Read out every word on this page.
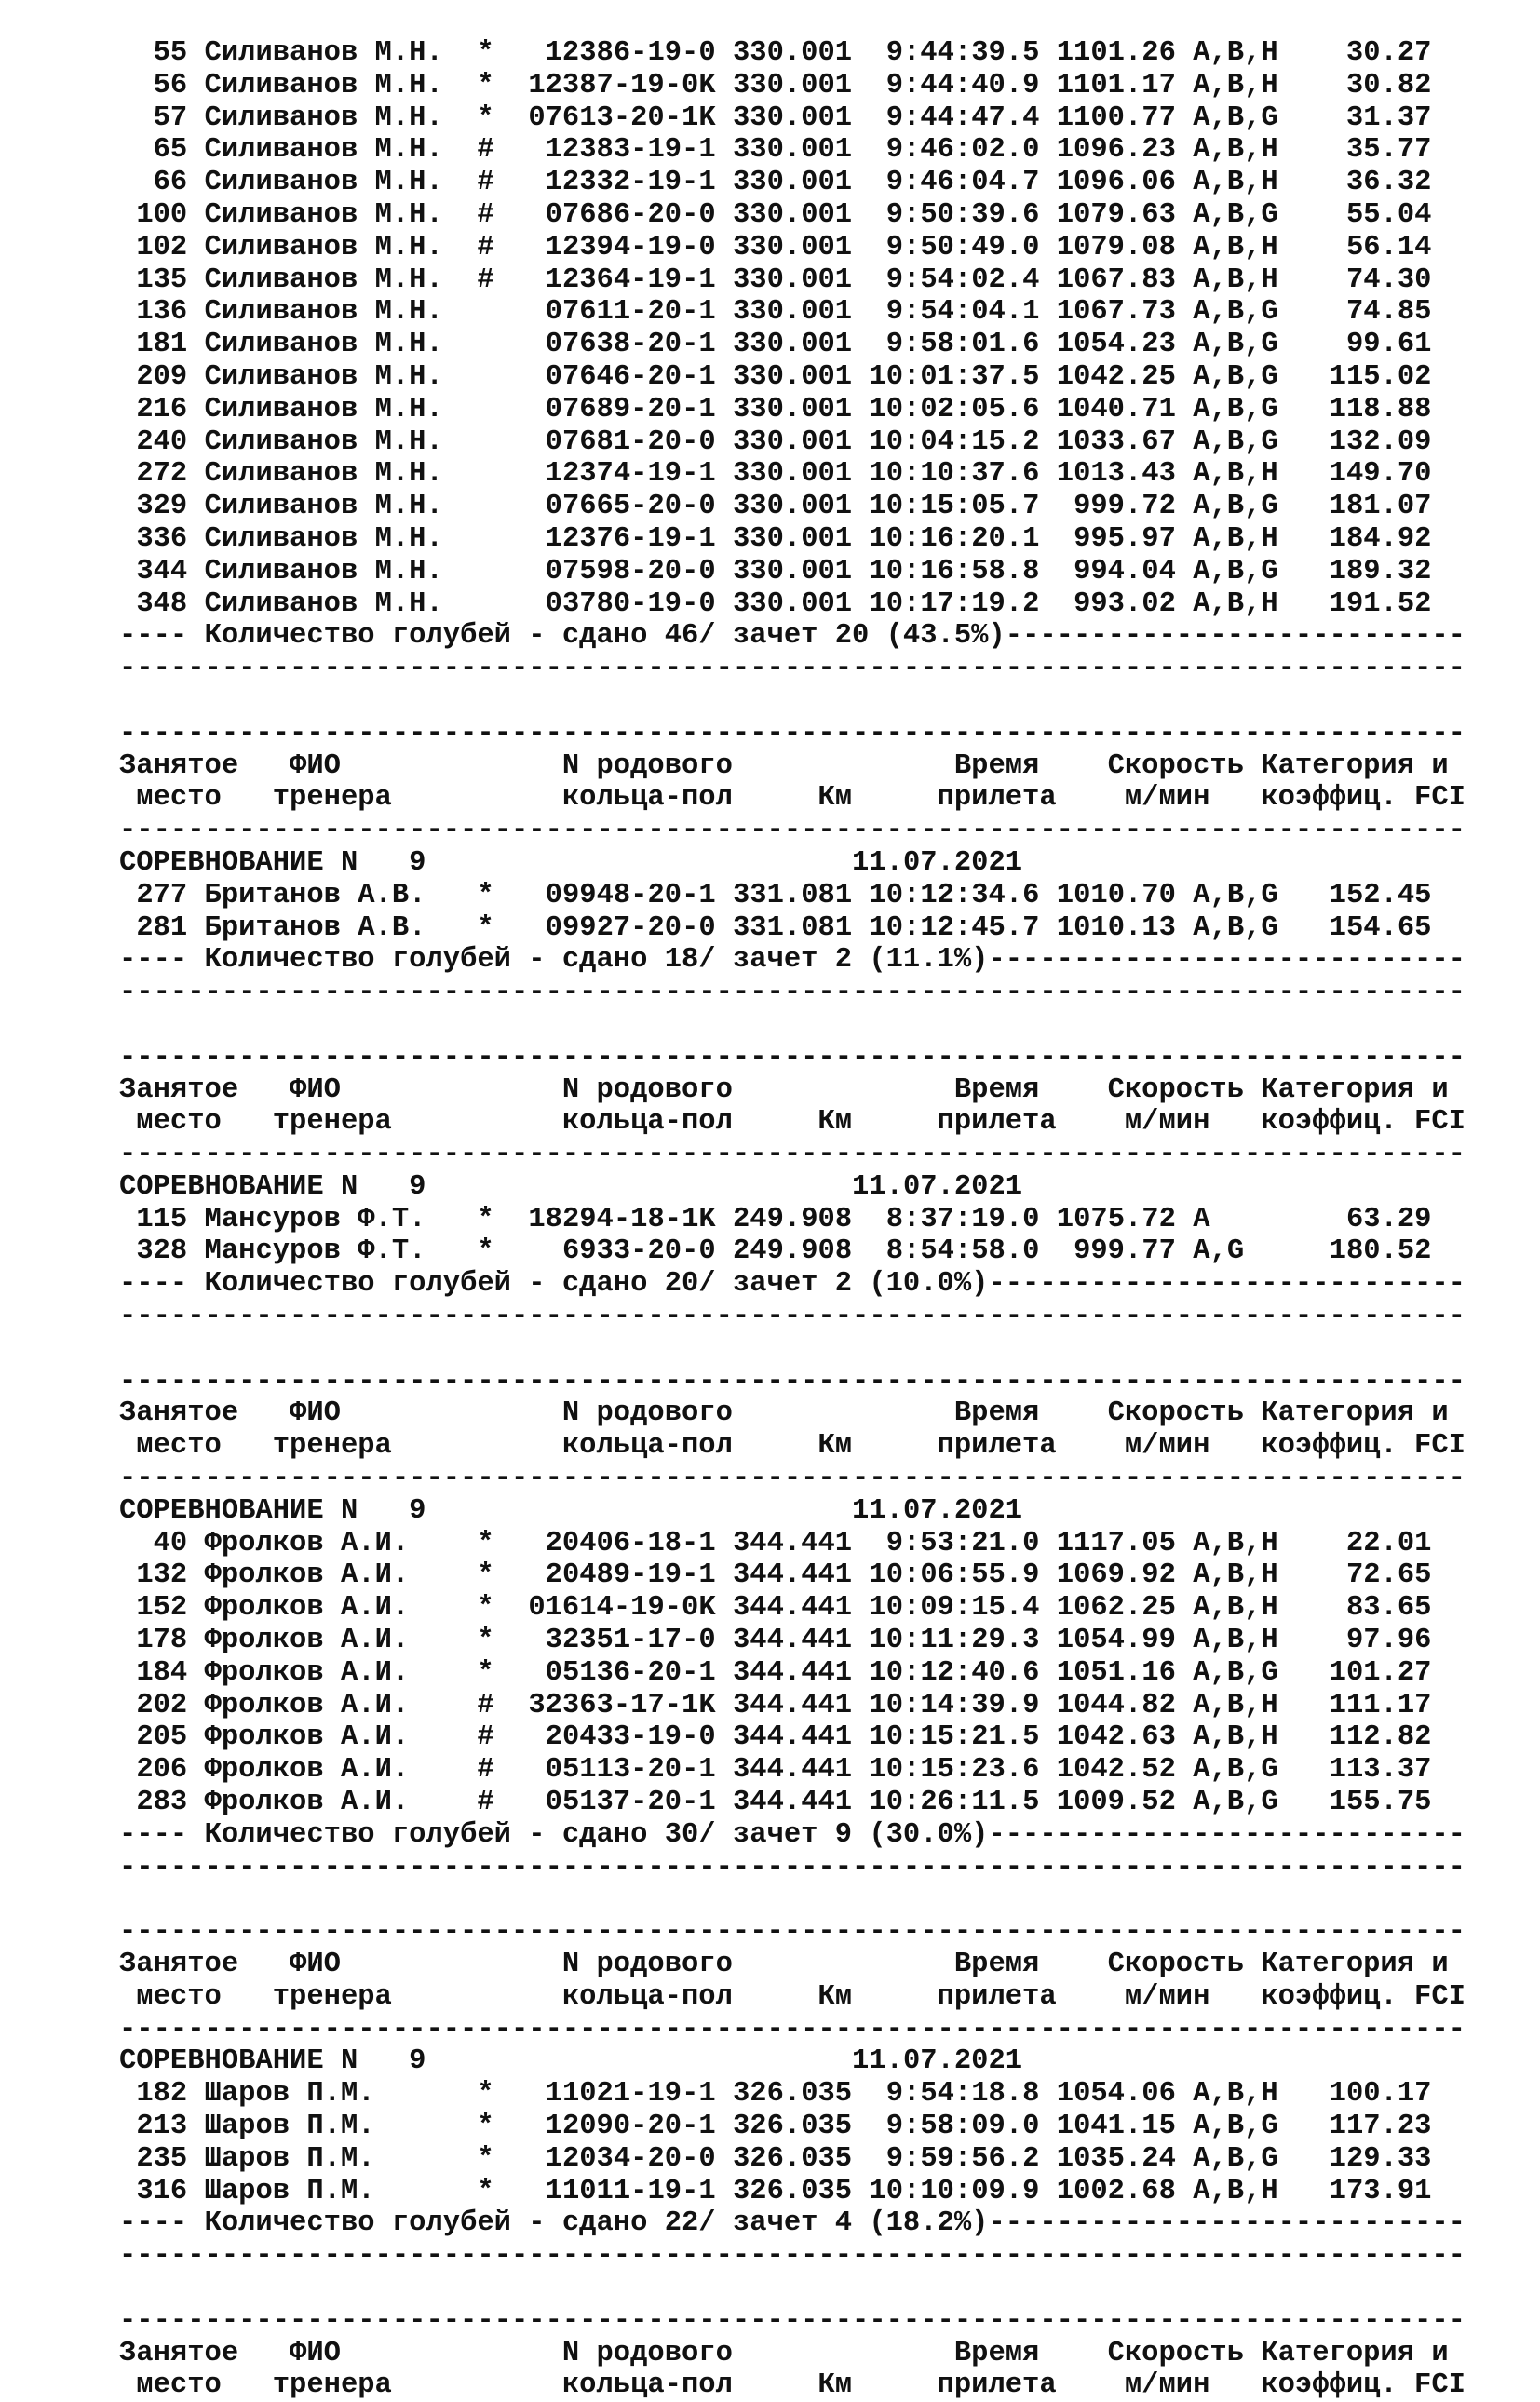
55 Силиванов М.Н. * 12386-19-0 330.001 9:44:39.5 1101.26 A,B,H 30.27
56 Силиванов М.Н. * 12387-19-0K 330.001 9:44:40.9 1101.17 A,B,H 30.82
57 Силиванов М.Н. * 07613-20-1K 330.001 9:44:47.4 1100.77 A,B,G 31.37
65 Силиванов М.Н. # 12383-19-1 330.001 9:46:02.0 1096.23 A,B,H 35.77
66 Силиванов М.Н. # 12332-19-1 330.001 9:46:04.7 1096.06 A,B,H 36.32
100 Силиванов М.Н. # 07686-20-0 330.001 9:50:39.6 1079.63 A,B,G 55.04
102 Силиванов М.Н. # 12394-19-0 330.001 9:50:49.0 1079.08 A,B,H 56.14
135 Силиванов М.Н. # 12364-19-1 330.001 9:54:02.4 1067.83 A,B,H 74.30
136 Силиванов М.Н.	07611-20-1 330.001 9:54:04.1 1067.73 A,B,G 74.85
181 Силиванов М.Н.	07638-20-1 330.001 9:58:01.6 1054.23 A,B,G 99.61
209 Силиванов М.Н.	07646-20-1 330.001 10:01:37.5 1042.25 A,B,G 115.02
216 Силиванов М.Н.	07689-20-1 330.001 10:02:05.6 1040.71 A,B,G 118.88
240 Силиванов М.Н.	07681-20-0 330.001 10:04:15.2 1033.67 A,B,G 132.09
272 Силиванов М.Н.	12374-19-1 330.001 10:10:37.6 1013.43 A,B,H 149.70
329 Силиванов М.Н.	07665-20-0 330.001 10:15:05.7 999.72 A,B,G 181.07
336 Силиванов М.Н.	12376-19-1 330.001 10:16:20.1 995.97 A,B,H 184.92
344 Силиванов М.Н.	07598-20-0 330.001 10:16:58.8 994.04 A,B,G 189.32
348 Силиванов М.Н.	03780-19-0 330.001 10:17:19.2 993.02 A,B,H 191.52
---- Количество голубей - сдано 46/ зачет 20 (43.5%)---------------------------
-------------------------------------------------------------------------------
-------------------------------------------------------------------------------
Занятое   ФИО             N родового             Время    Скорость Категория и
место   тренера          кольца-пол     Км     прилета    м/мин   коэффиц. FCI
-------------------------------------------------------------------------------
СОРЕВНОВАНИЕ N   9	11.07.2021
277 Британов А.В. * 09948-20-1 331.081 10:12:34.6 1010.70 A,B,G 152.45
281 Британов А.В. * 09927-20-0 331.081 10:12:45.7 1010.13 A,B,G 154.65
---- Количество голубей - сдано 18/ зачет 2 (11.1%)----------------------------
-------------------------------------------------------------------------------
-------------------------------------------------------------------------------
Занятое   ФИО             N родового             Время    Скорость Категория и
место   тренера          кольца-пол     Км     прилета    м/мин   коэффиц. FCI
-------------------------------------------------------------------------------
СОРЕВНОВАНИЕ N   9	11.07.2021
115 Мансуров Ф.Т. * 18294-18-1K 249.908 8:37:19.0 1075.72 A	63.29
328 Мансуров Ф.Т. * 6933-20-0 249.908 8:54:58.0 999.77 A,G	180.52
---- Количество голубей - сдано 20/ зачет 2 (10.0%)----------------------------
-------------------------------------------------------------------------------
-------------------------------------------------------------------------------
Занятое   ФИО             N родового             Время    Скорость Категория и
место   тренера          кольца-пол     Км     прилета    м/мин   коэффиц. FCI
-------------------------------------------------------------------------------
СОРЕВНОВАНИЕ N   9	11.07.2021
40 Фролков А.И. * 20406-18-1 344.441 9:53:21.0 1117.05 A,B,H 22.01
132 Фролков А.И. * 20489-19-1 344.441 10:06:55.9 1069.92 A,B,H 72.65
152 Фролков А.И. * 01614-19-0K 344.441 10:09:15.4 1062.25 A,B,H 83.65
178 Фролков А.И. * 32351-17-0 344.441 10:11:29.3 1054.99 A,B,H 97.96
184 Фролков А.И. * 05136-20-1 344.441 10:12:40.6 1051.16 A,B,G 101.27
202 Фролков А.И. # 32363-17-1K 344.441 10:14:39.9 1044.82 A,B,H 111.17
205 Фролков А.И. # 20433-19-0 344.441 10:15:21.5 1042.63 A,B,H 112.82
206 Фролков А.И. # 05113-20-1 344.441 10:15:23.6 1042.52 A,B,G 113.37
283 Фролков А.И. # 05137-20-1 344.441 10:26:11.5 1009.52 A,B,G 155.75
---- Количество голубей - сдано 30/ зачет 9 (30.0%)----------------------------
-------------------------------------------------------------------------------
-------------------------------------------------------------------------------
Занятое   ФИО             N родового             Время    Скорость Категория и
место   тренера          кольца-пол     Км     прилета    м/мин   коэффиц. FCI
-------------------------------------------------------------------------------
СОРЕВНОВАНИЕ N   9	11.07.2021
182 Шаров П.М.	* 11021-19-1 326.035 9:54:18.8 1054.06 A,B,H 100.17
213 Шаров П.М.	* 12090-20-1 326.035 9:58:09.0 1041.15 A,B,G 117.23
235 Шаров П.М.	* 12034-20-0 326.035 9:59:56.2 1035.24 A,B,G 129.33
316 Шаров П.М.	* 11011-19-1 326.035 10:10:09.9 1002.68 A,B,H 173.91
---- Количество голубей - сдано 22/ зачет 4 (18.2%)----------------------------
-------------------------------------------------------------------------------
-------------------------------------------------------------------------------
Занятое   ФИО             N родового             Время    Скорость Категория и
место   тренера          кольца-пол     Км     прилета    м/мин   коэффиц. FCI
